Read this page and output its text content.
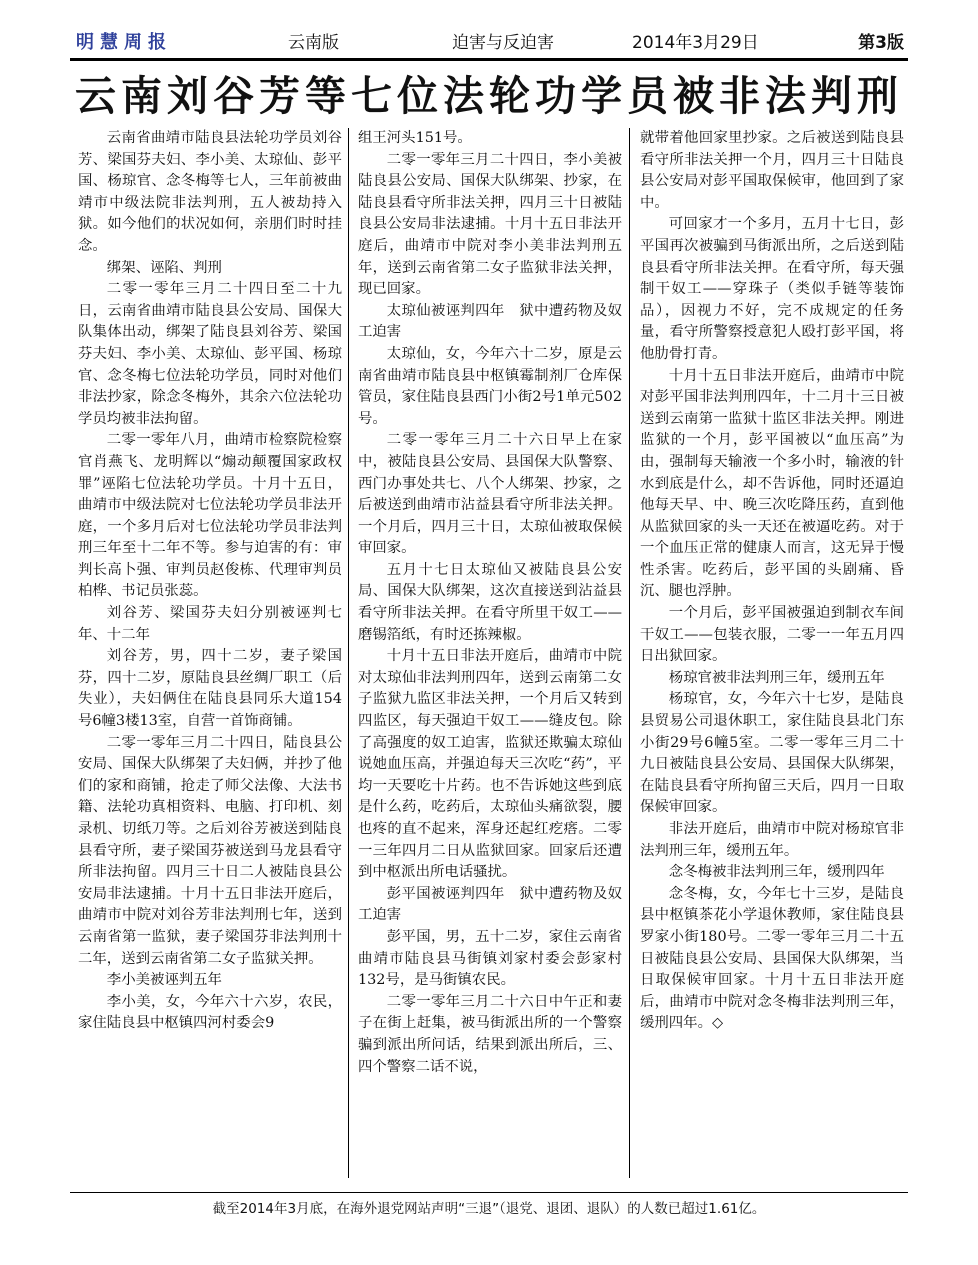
明慧周报	云南版	迫害与反迫害	2014年3月29日	第3版
云南刘谷芳等七位法轮功学员被非法判刑

云南省曲靖市陆良县法轮功学员刘谷芳、梁国芬夫妇、李小美、太琼仙、彭平国、杨琼官、念冬梅等七人，三年前被曲靖市中级法院非法判刑，五人被劫持入狱。如今他们的状况如何，亲朋们时时挂念。

绑架、诬陷、判刑

二零一零年三月二十四日至二十九日，云南省曲靖市陆良县公安局、国保大队集体出动，绑架了陆良县刘谷芳、梁国芬夫妇、李小美、太琼仙、彭平国、杨琼官、念冬梅七位法轮功学员，同时对他们非法抄家，除念冬梅外，其余六位法轮功学员均被非法拘留。

二零一零年八月，曲靖市检察院检察官肖燕飞、龙明辉以“煽动颠覆国家政权罪”诬陷七位法轮功学员。十月十五日，曲靖市中级法院对七位法轮功学员非法开庭，一个多月后对七位法轮功学员非法判刑三年至十二年不等。参与迫害的有：审判长高卜强、审判员赵俊栋、代理审判员柏桦、书记员张蕊。

刘谷芳、梁国芬夫妇分别被诬判七年、十二年

刘谷芳，男，四十二岁，妻子梁国芬，四十二岁，原陆良县丝绸厂职工（后失业），夫妇俩住在陆良县同乐大道154号6幢3楼13室，自营一首饰商铺。

二零一零年三月二十四日，陆良县公安局、国保大队绑架了夫妇俩，并抄了他们的家和商铺，抢走了师父法像、大法书籍、法轮功真相资料、电脑、打印机、刻录机、切纸刀等。之后刘谷芳被送到陆良县看守所，妻子梁国芬被送到马龙县看守所非法拘留。四月三十日二人被陆良县公安局非法逮捕。十月十五日非法开庭后，曲靖市中院对刘谷芳非法判刑七年，送到云南省第一监狱，妻子梁国芬非法判刑十二年，送到云南省第二女子监狱关押。

李小美被诬判五年

李小美，女，今年六十六岁，农民，家住陆良县中枢镇四河村委会9

组王河头151号。

二零一零年三月二十四日，李小美被陆良县公安局、国保大队绑架、抄家，在陆良县看守所非法关押，四月三十日被陆良县公安局非法逮捕。十月十五日非法开庭后，曲靖市中院对李小美非法判刑五年，送到云南省第二女子监狱非法关押，现已回家。

太琼仙被诬判四年　狱中遭药物及奴工迫害

太琼仙，女，今年六十二岁，原是云南省曲靖市陆良县中枢镇霉制剂厂仓库保管员，家住陆良县西门小街2号1单元502号。

二零一零年三月二十六日早上在家中，被陆良县公安局、县国保大队警察、西门办事处共七、八个人绑架、抄家，之后被送到曲靖市沾益县看守所非法关押。一个月后，四月三十日，太琼仙被取保候审回家。

五月十七日太琼仙又被陆良县公安局、国保大队绑架，这次直接送到沾益县看守所非法关押。在看守所里干奴工——磨锡箔纸，有时还拣辣椒。

十月十五日非法开庭后，曲靖市中院对太琼仙非法判刑四年，送到云南第二女子监狱九监区非法关押，一个月后又转到四监区，每天强迫干奴工——缝皮包。除了高强度的奴工迫害，监狱还欺骗太琼仙说她血压高，并强迫每天三次吃“药”，平均一天要吃十片药。也不告诉她这些到底是什么药，吃药后，太琼仙头痛欲裂，腰也疼的直不起来，浑身还起红疙瘩。二零一三年四月二日从监狱回家。回家后还遭到中枢派出所电话骚扰。

彭平国被诬判四年　狱中遭药物及奴工迫害

彭平国，男，五十二岁，家住云南省曲靖市陆良县马街镇刘家村委会彭家村132号，是马街镇农民。

二零一零年三月二十六日中午正和妻子在街上赶集，被马街派出所的一个警察骗到派出所问话，结果到派出所后，三、四个警察二话不说，

就带着他回家里抄家。之后被送到陆良县看守所非法关押一个月，四月三十日陆良县公安局对彭平国取保候审，他回到了家中。

可回家才一个多月，五月十七日，彭平国再次被骗到马街派出所，之后送到陆良县看守所非法关押。在看守所，每天强制干奴工——穿珠子（类似手链等装饰品），因视力不好，完不成规定的任务量，看守所警察授意犯人殴打彭平国，将他肋骨打青。

十月十五日非法开庭后，曲靖市中院对彭平国非法判刑四年，十二月十三日被送到云南第一监狱十监区非法关押。刚进监狱的一个月，彭平国被以“血压高”为由，强制每天输液一个多小时，输液的针水到底是什么，却不告诉他，同时还逼迫他每天早、中、晚三次吃降压药，直到他从监狱回家的头一天还在被逼吃药。对于一个血压正常的健康人而言，这无异于慢性杀害。吃药后，彭平国的头剧痛、昏沉、腿也浮肿。

一个月后，彭平国被强迫到制衣车间干奴工——包装衣服，二零一一年五月四日出狱回家。

杨琼官被非法判刑三年，缓刑五年

杨琼官，女，今年六十七岁，是陆良县贸易公司退休职工，家住陆良县北门东小街29号6幢5室。二零一零年三月二十九日被陆良县公安局、县国保大队绑架，在陆良县看守所拘留三天后，四月一日取保候审回家。

非法开庭后，曲靖市中院对杨琼官非法判刑三年，缓刑五年。

念冬梅被非法判刑三年，缓刑四年

念冬梅，女，今年七十三岁，是陆良县中枢镇茶花小学退休教师，家住陆良县罗家小街180号。二零一零年三月二十五日被陆良县公安局、县国保大队绑架，当日取保候审回家。十月十五日非法开庭后，曲靖市中院对念冬梅非法判刑三年，缓刑四年。◇

截至2014年3月底，在海外退党网站声明“三退”（退党、退团、退队）的人数已超过1.61亿。
